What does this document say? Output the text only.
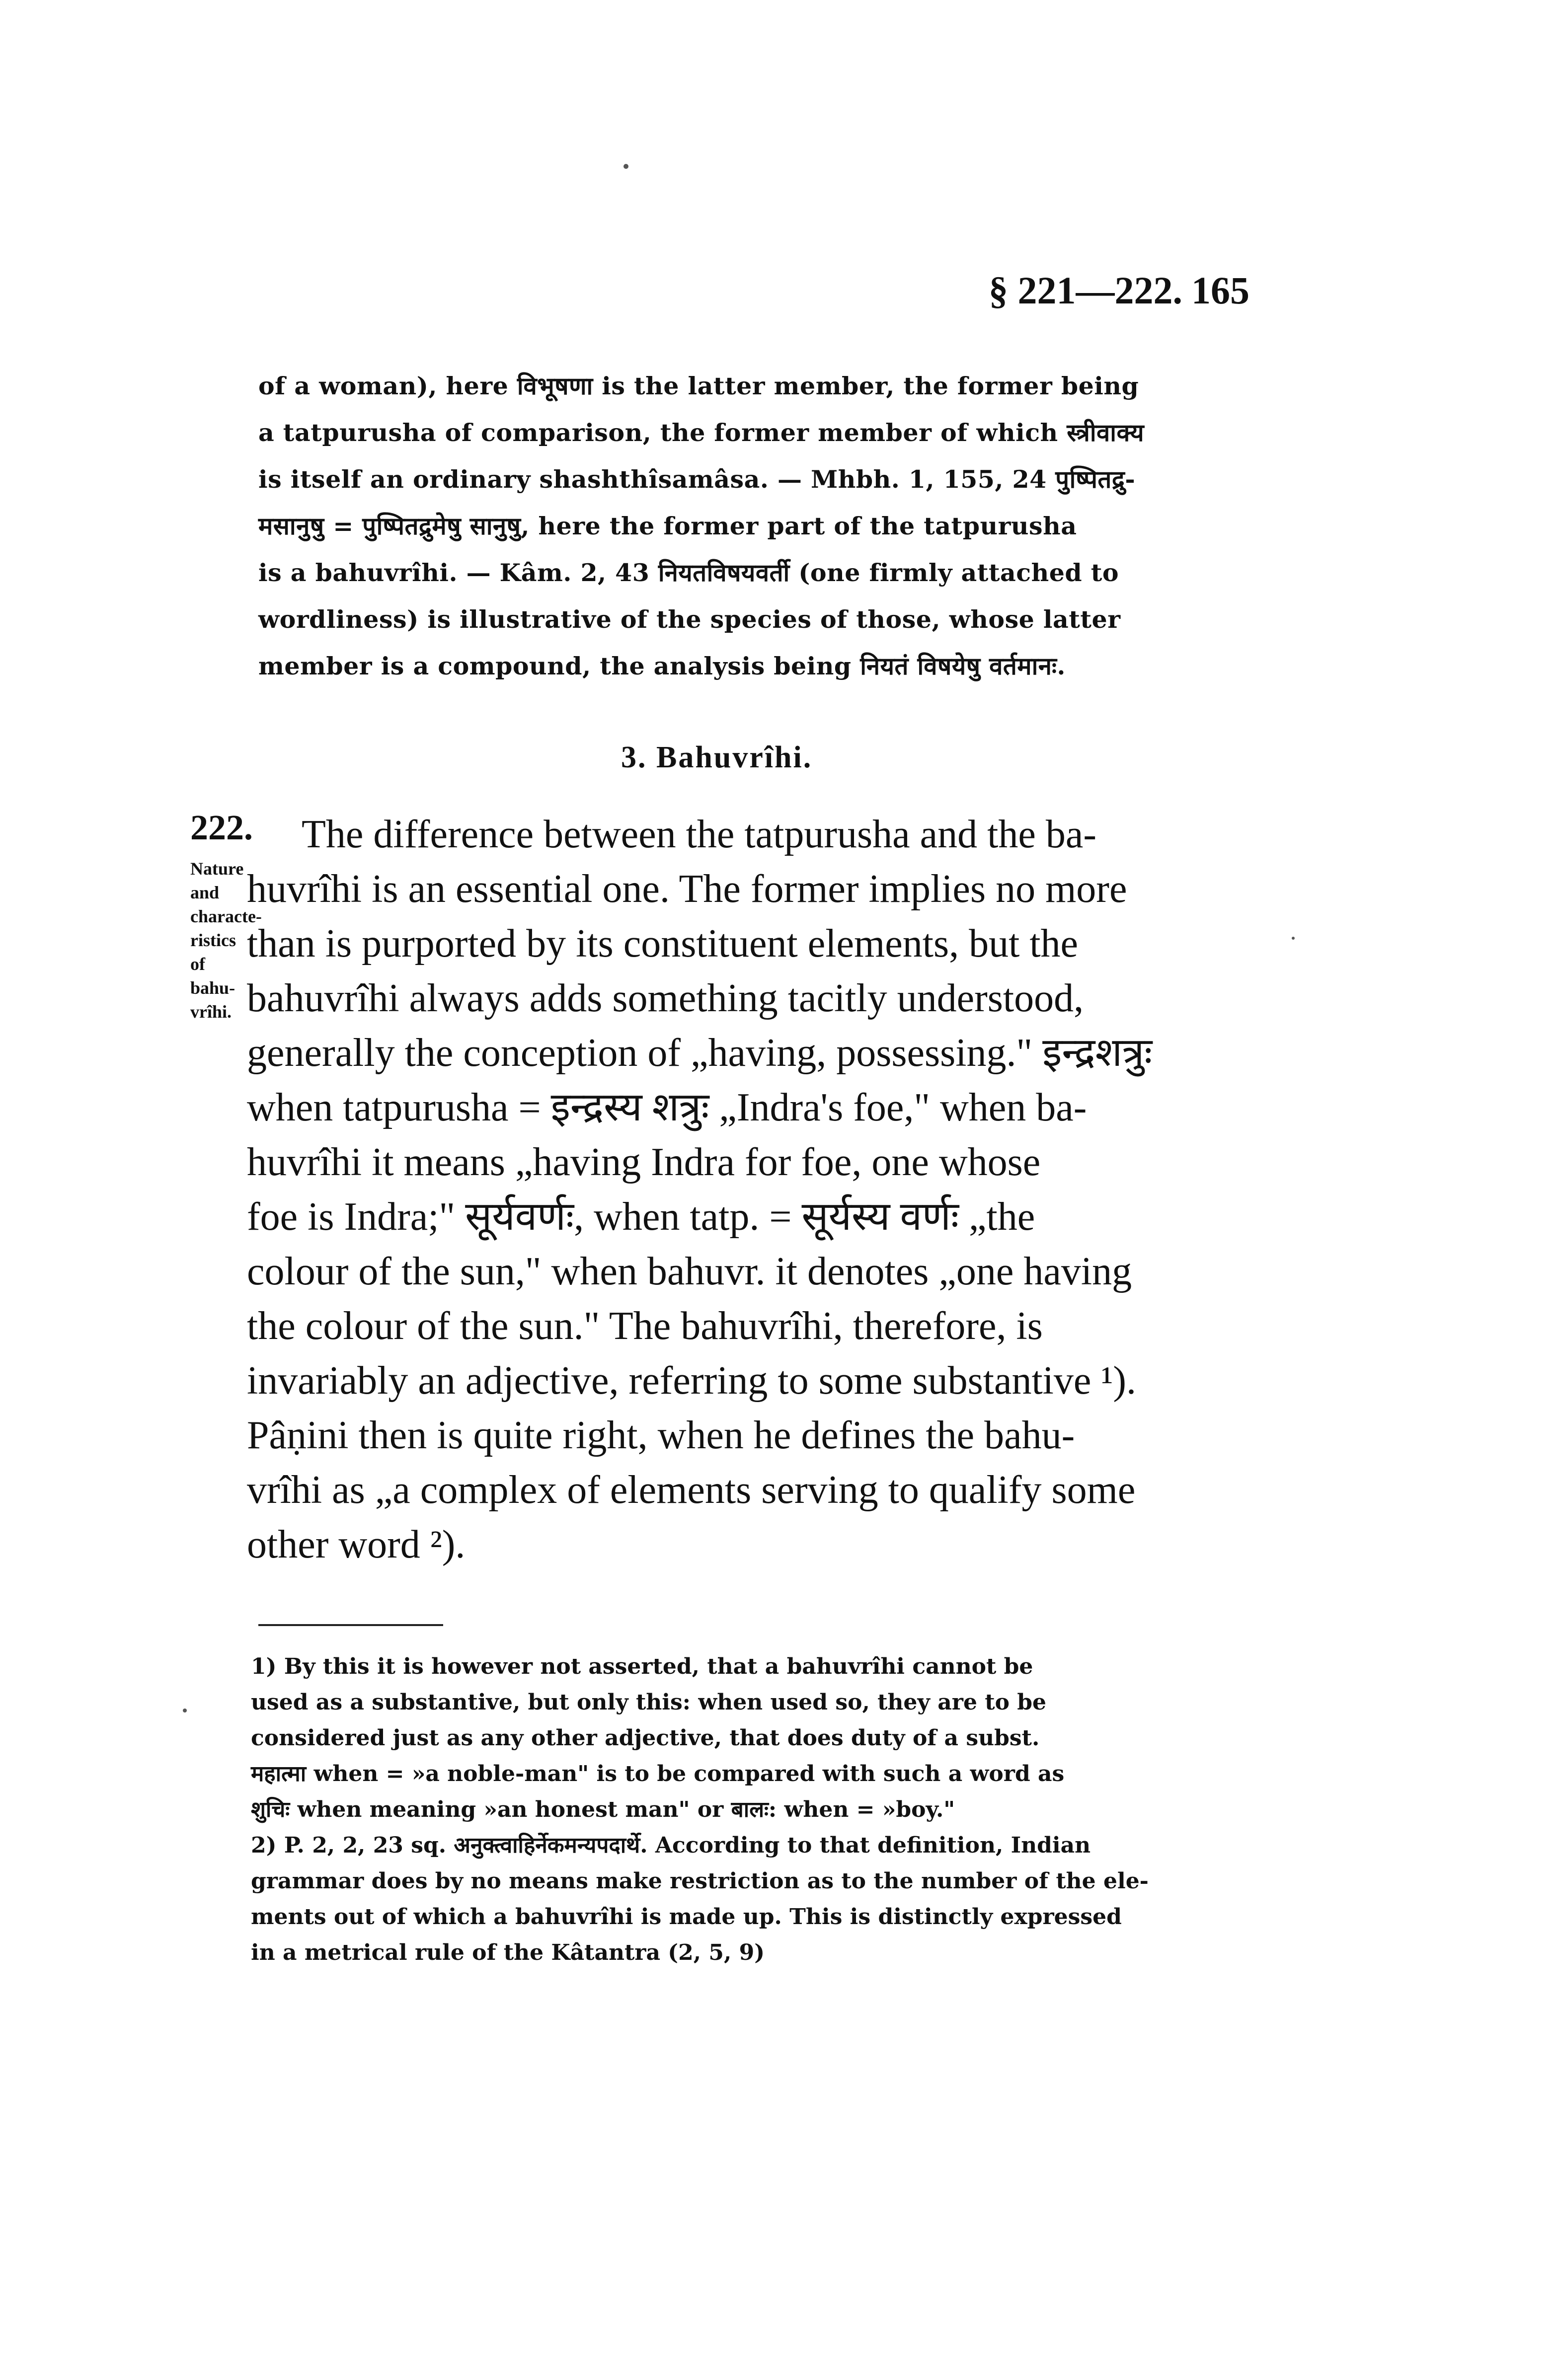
§ 221—222. 165
of a woman), here विभूषणा is the latter member, the former being
a tatpurusha of comparison, the former member of which स्त्रीवाक्य
is itself an ordinary shashthîsamâsa. — Mhbh. 1, 155, 24 पुष्पितद्रु-
मसानुषु = पुष्पितद्रुमेषु सानुषु, here the former part of the tatpurusha
is a bahuvrîhi. — Kâm. 2, 43 नियतविषयवर्ती (one firmly attached to
wordliness) is illustrative of the species of those, whose latter
member is a compound, the analysis being नियतं विषयेषु वर्तमानः.
3. Bahuvrîhi.
222.
Nature and
characte-
ristics of
bahu-
vrîhi.
The difference between the tatpurusha and the ba-
huvrîhi is an essential one. The former implies no more
than is purported by its constituent elements, but the
bahuvrîhi always adds something tacitly understood,
generally the conception of „having, possessing." इन्द्रशत्रुः
when tatpurusha = इन्द्रस्य शत्रुः „Indra's foe," when ba-
huvrîhi it means „having Indra for foe, one whose
foe is Indra;" सूर्यवर्णः, when tatp. = सूर्यस्य वर्णः „the
colour of the sun," when bahuvr. it denotes „one having
the colour of the sun." The bahuvrîhi, therefore, is
invariably an adjective, referring to some substantive ¹).
Pâṇini then is quite right, when he defines the bahu-
vrîhi as „a complex of elements serving to qualify some
other word ²).
1) By this it is however not asserted, that a bahuvrîhi cannot be
used as a substantive, but only this: when used so, they are to be
considered just as any other adjective, that does duty of a subst.
महात्मा when = »a noble-man" is to be compared with such a word as
शुचिः when meaning »an honest man" or बालः: when = »boy."
2) P. 2, 2, 23 sq. अनुक्त्वाहिर्नेकमन्यपदार्थे. According to that definition, Indian
grammar does by no means make restriction as to the number of the ele-
ments out of which a bahuvrîhi is made up. This is distinctly expressed
in a metrical rule of the Kâtantra (2, 5, 9)
